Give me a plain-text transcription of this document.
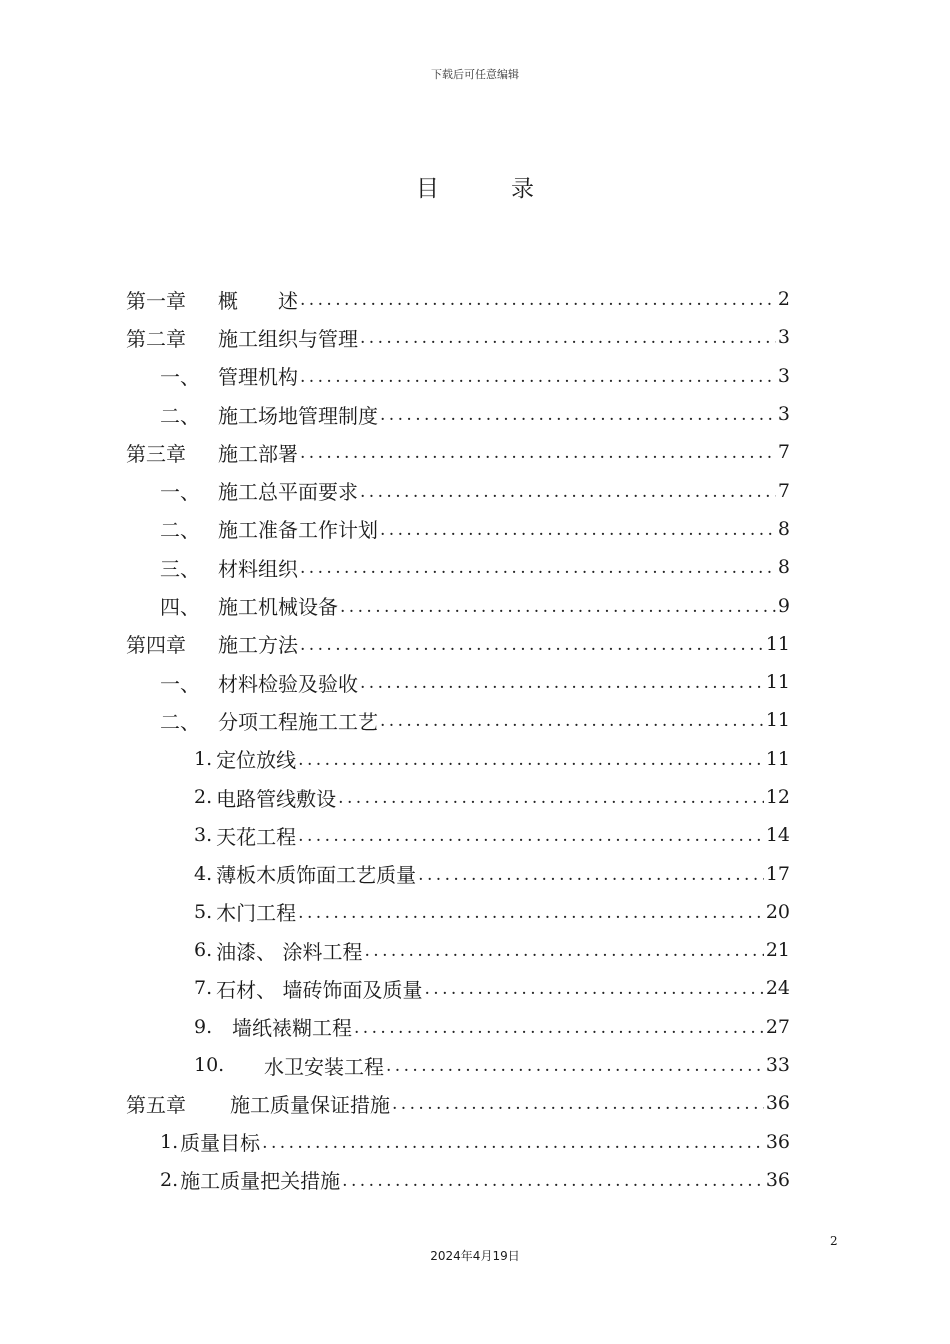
下载后可任意编辑
目	录
第一章	概　　述 . . .	2
第二章	施工组织与管理 . . .	3
一、 管理机构 . . .	3
二、 施工场地管理制度 . . .	3
第三章	施工部署 . . .	7
一、 施工总平面要求 . . .	7
二、 施工准备工作计划 . . .	8
三、 材料组织 . . .	8
四、 施工机械设备 . . .	9
第四章	施工方法 . . .	11
一、 材料检验及验收 . . .	11
二、 分项工程施工工艺 . . .	11
1. 定位放线 . . .	11
2. 电路管线敷设 . . .	12
3. 天花工程 . . .	14
4. 薄板木质饰面工艺质量 . . .	17
5. 木门工程 . . .	20
6. 油漆、 涂料工程 . . .	21
7. 石材、 墙砖饰面及质量 . . .	24
9. 墙纸裱糊工程 . . .	27
10.	水卫安装工程 . . .	33
第五章	施工质量保证措施 . . .	36
1. 质量目标 . . .	36
2. 施工质量把关措施 . . .	36
2
2024年4月19日
